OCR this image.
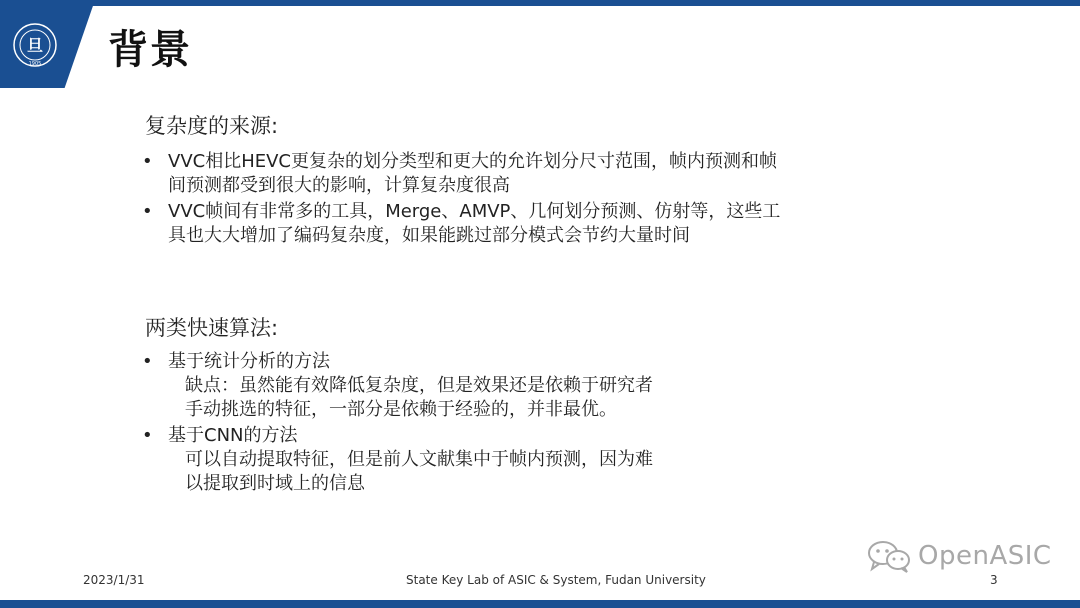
旦
1905 背景
复杂度的来源:
• VVC相比HEVC更复杂的划分类型和更大的允许划分尺寸范围，帧内预测和帧
间预测都受到很大的影响，计算复杂度很高
• VVC帧间有非常多的工具，Merge、AMVP、几何划分预测、仿射等，这些工
具也大大增加了编码复杂度，如果能跳过部分模式会节约大量时间
两类快速算法:
• 基于统计分析的方法
缺点：虽然能有效降低复杂度，但是效果还是依赖于研究者
手动挑选的特征，一部分是依赖于经验的，并非最优。
• 基于CNN的方法
可以自动提取特征，但是前人文献集中于帧内预测，因为难
以提取到时域上的信息
OpenASIC
2023/1/31	State Key Lab of ASIC & System, Fudan University	3
